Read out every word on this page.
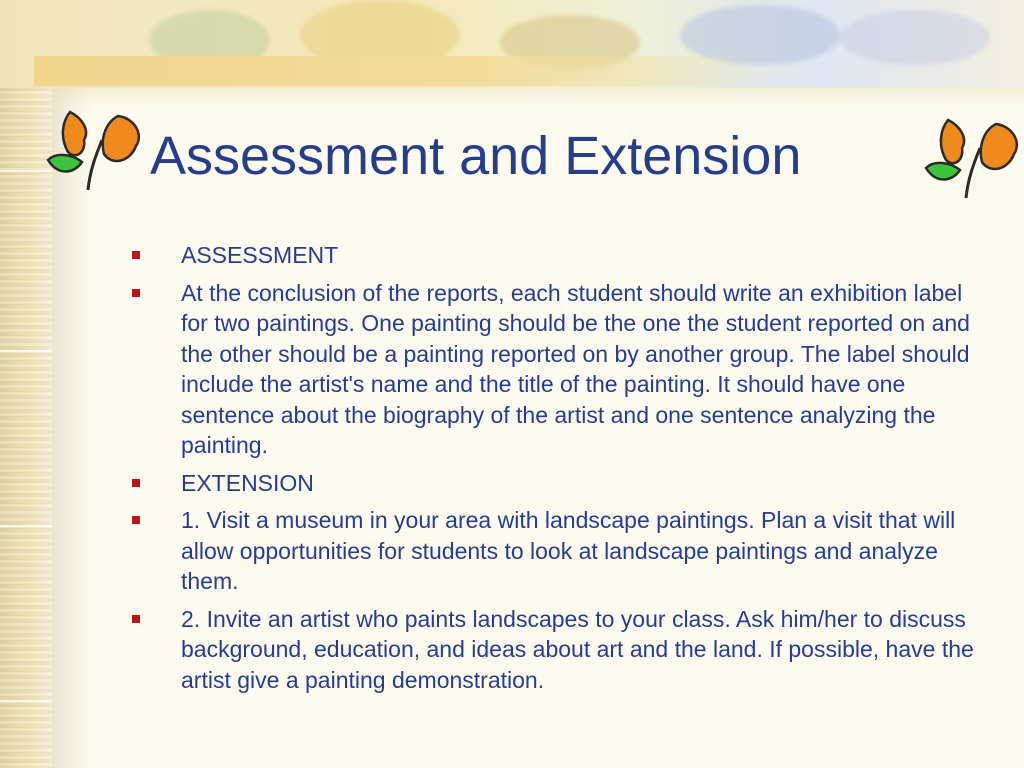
Assessment and Extension
ASSESSMENT
At the conclusion of the reports, each student should write an exhibition label for two paintings. One painting should be the one the student reported on and the other should be a painting reported on by another group. The label should include the artist's name and the title of the painting. It should have one sentence about the biography of the artist and one sentence analyzing the painting.
EXTENSION
1. Visit a museum in your area with landscape paintings. Plan a visit that will allow opportunities for students to look at landscape paintings and analyze them.
2. Invite an artist who paints landscapes to your class. Ask him/her to discuss background, education, and ideas about art and the land. If possible, have the artist give a painting demonstration.
